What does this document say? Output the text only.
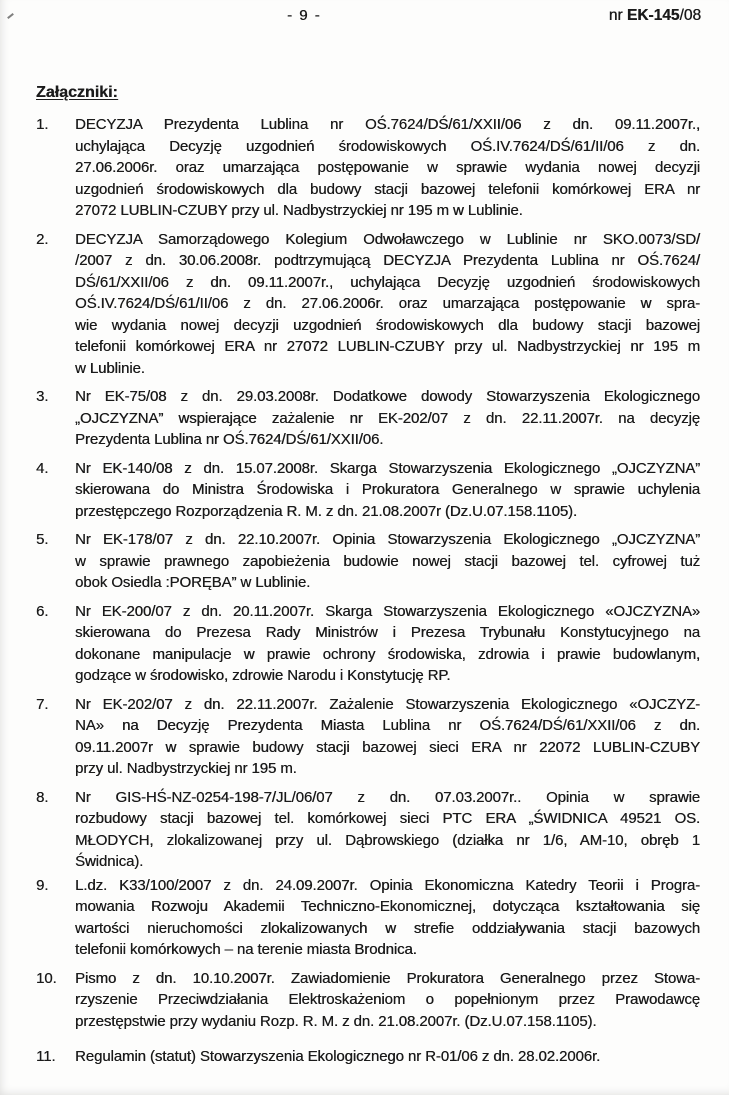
- 9 -	nr EK-145/08
Załączniki:
1.	DECYZJA Prezydenta Lublina nr OŚ.7624/DŚ/61/XXII/06 z dn. 09.11.2007r.,
uchylająca Decyzję uzgodnień środowiskowych OŚ.IV.7624/DŚ/61/II/06 z dn.
27.06.2006r. oraz umarzająca postępowanie w sprawie wydania nowej decyzji
uzgodnień środowiskowych dla budowy stacji bazowej telefonii komórkowej ERA nr
27072 LUBLIN-CZUBY przy ul. Nadbystrzyckiej nr 195 m w Lublinie.
2.	DECYZJA Samorządowego Kolegium Odwoławczego w Lublinie nr SKO.0073/SD/
/2007 z dn. 30.06.2008r. podtrzymującą DECYZJA Prezydenta Lublina nr OŚ.7624/
DŚ/61/XXII/06 z dn. 09.11.2007r., uchylająca Decyzję uzgodnień środowiskowych
OŚ.IV.7624/DŚ/61/II/06 z dn. 27.06.2006r. oraz umarzająca postępowanie w spra-
wie wydania nowej decyzji uzgodnień środowiskowych dla budowy stacji bazowej
telefonii komórkowej ERA nr 27072 LUBLIN-CZUBY przy ul. Nadbystrzyckiej nr 195 m
w Lublinie.
3.	Nr EK-75/08 z dn. 29.03.2008r. Dodatkowe dowody Stowarzyszenia Ekologicznego
„OJCZYZNA” wspierające zażalenie nr EK-202/07 z dn. 22.11.2007r. na decyzję
Prezydenta Lublina nr OŚ.7624/DŚ/61/XXII/06.
4.	Nr EK-140/08 z dn. 15.07.2008r. Skarga Stowarzyszenia Ekologicznego „OJCZYZNA”
skierowana do Ministra Środowiska i Prokuratora Generalnego w sprawie uchylenia
przestępczego Rozporządzenia R. M. z dn. 21.08.2007r (Dz.U.07.158.1105).
5.	Nr EK-178/07 z dn. 22.10.2007r. Opinia Stowarzyszenia Ekologicznego „OJCZYZNA”
w sprawie prawnego zapobieżenia budowie nowej stacji bazowej tel. cyfrowej tuż
obok Osiedla :PORĘBA” w Lublinie.
6.	Nr EK-200/07 z dn. 20.11.2007r. Skarga Stowarzyszenia Ekologicznego «OJCZYZNA»
skierowana do Prezesa Rady Ministrów i Prezesa Trybunału Konstytucyjnego na
dokonane manipulacje w prawie ochrony środowiska, zdrowia i prawie budowlanym,
godzące w środowisko, zdrowie Narodu i Konstytucję RP.
7.	Nr EK-202/07 z dn. 22.11.2007r. Zażalenie Stowarzyszenia Ekologicznego «OJCZYZ-
NA» na Decyzję Prezydenta Miasta Lublina nr OŚ.7624/DŚ/61/XXII/06 z dn.
09.11.2007r w sprawie budowy stacji bazowej sieci ERA nr 22072 LUBLIN-CZUBY
przy ul. Nadbystrzyckiej nr 195 m.
8.	Nr GIS-HŚ-NZ-0254-198-7/JL/06/07 z dn. 07.03.2007r.. Opinia w sprawie
rozbudowy stacji bazowej tel. komórkowej sieci PTC ERA „ŚWIDNICA 49521 OS.
MŁODYCH, zlokalizowanej przy ul. Dąbrowskiego (działka nr 1/6, AM-10, obręb 1
Świdnica).
9.	L.dz. K33/100/2007 z dn. 24.09.2007r. Opinia Ekonomiczna Katedry Teorii i Progra-
mowania Rozwoju Akademii Techniczno-Ekonomicznej, dotycząca kształtowania się
wartości nieruchomości zlokalizowanych w strefie oddziaływania stacji bazowych
telefonii komórkowych – na terenie miasta Brodnica.
10.	Pismo z dn. 10.10.2007r. Zawiadomienie Prokuratora Generalnego przez Stowa-
rzyszenie Przeciwdziałania Elektroskażeniom o popełnionym przez Prawodawcę
przestępstwie przy wydaniu Rozp. R. M. z dn. 21.08.2007r. (Dz.U.07.158.1105).
11.	Regulamin (statut) Stowarzyszenia Ekologicznego nr R-01/06 z dn. 28.02.2006r.
